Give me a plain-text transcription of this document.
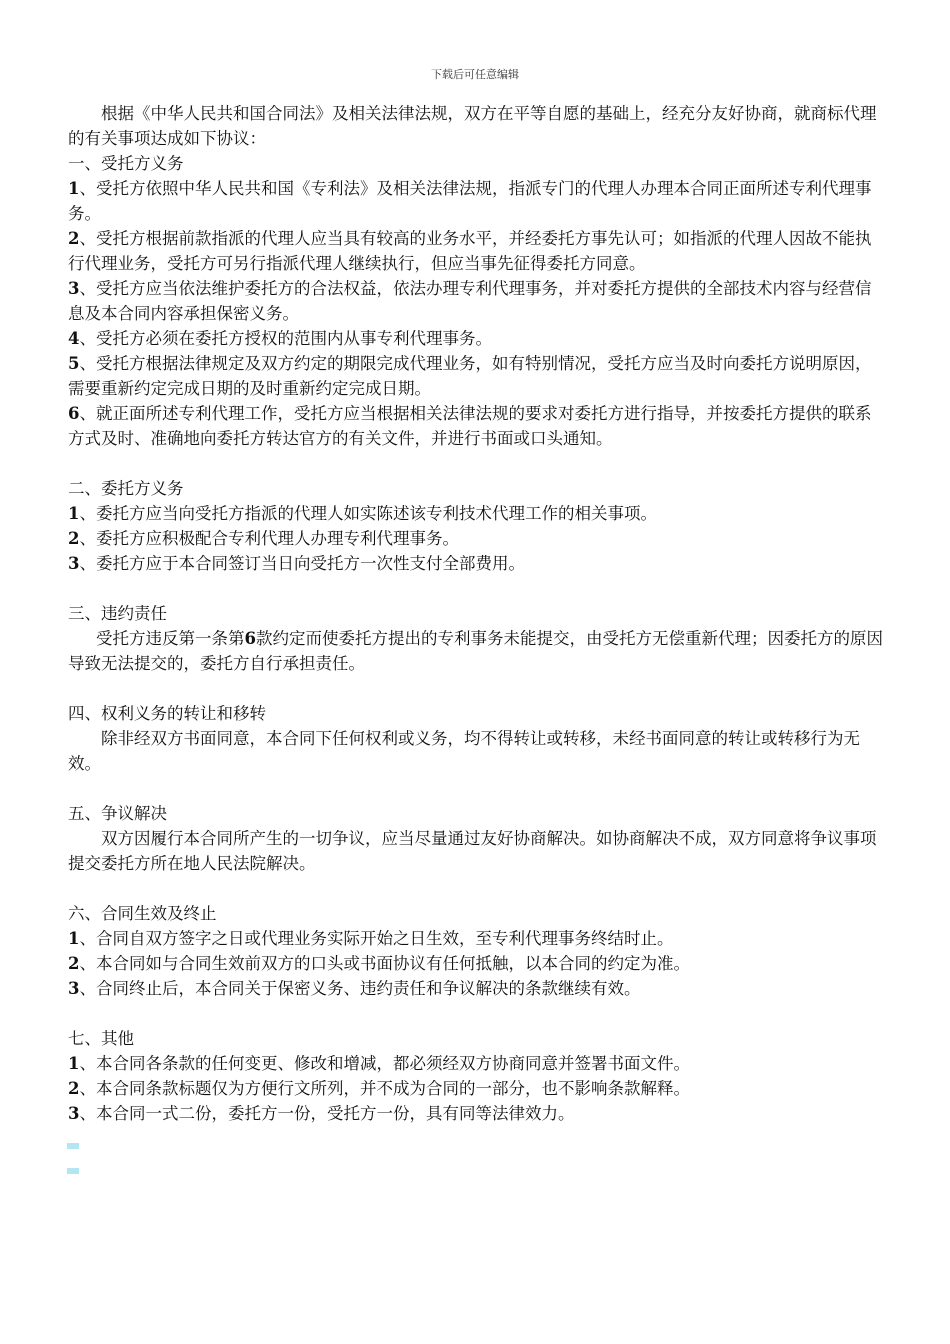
下载后可任意编辑

根据《中华人民共和国合同法》及相关法律法规，双方在平等自愿的基础上，经充分友好协商，就商标代理的有关事项达成如下协议：

一、受托方义务

1、受托方依照中华人民共和国《专利法》及相关法律法规，指派专门的代理人办理本合同正面所述专利代理事务。

2、受托方根据前款指派的代理人应当具有较高的业务水平，并经委托方事先认可；如指派的代理人因故不能执行代理业务，受托方可另行指派代理人继续执行，但应当事先征得委托方同意。

3、受托方应当依法维护委托方的合法权益，依法办理专利代理事务，并对委托方提供的全部技术内容与经营信息及本合同内容承担保密义务。

4、受托方必须在委托方授权的范围内从事专利代理事务。

5、受托方根据法律规定及双方约定的期限完成代理业务，如有特别情况，受托方应当及时向委托方说明原因，需要重新约定完成日期的及时重新约定完成日期。

6、就正面所述专利代理工作，受托方应当根据相关法律法规的要求对委托方进行指导，并按委托方提供的联系方式及时、准确地向委托方转达官方的有关文件，并进行书面或口头通知。

二、委托方义务

1、委托方应当向受托方指派的代理人如实陈述该专利技术代理工作的相关事项。

2、委托方应积极配合专利代理人办理专利代理事务。

3、委托方应于本合同签订当日向受托方一次性支付全部费用。

三、违约责任

受托方违反第一条第6款约定而使委托方提出的专利事务未能提交，由受托方无偿重新代理；因委托方的原因导致无法提交的，委托方自行承担责任。

四、权利义务的转让和移转

除非经双方书面同意，本合同下任何权利或义务，均不得转让或转移，未经书面同意的转让或转移行为无效。

五、争议解决

双方因履行本合同所产生的一切争议，应当尽量通过友好协商解决。如协商解决不成，双方同意将争议事项提交委托方所在地人民法院解决。

六、合同生效及终止

1、合同自双方签字之日或代理业务实际开始之日生效，至专利代理事务终结时止。

2、本合同如与合同生效前双方的口头或书面协议有任何抵触，以本合同的约定为准。

3、合同终止后，本合同关于保密义务、违约责任和争议解决的条款继续有效。

七、其他

1、本合同各条款的任何变更、修改和增减，都必须经双方协商同意并签署书面文件。

2、本合同条款标题仅为方便行文所列，并不成为合同的一部分，也不影响条款解释。

3、本合同一式二份，委托方一份，受托方一份，具有同等法律效力。
